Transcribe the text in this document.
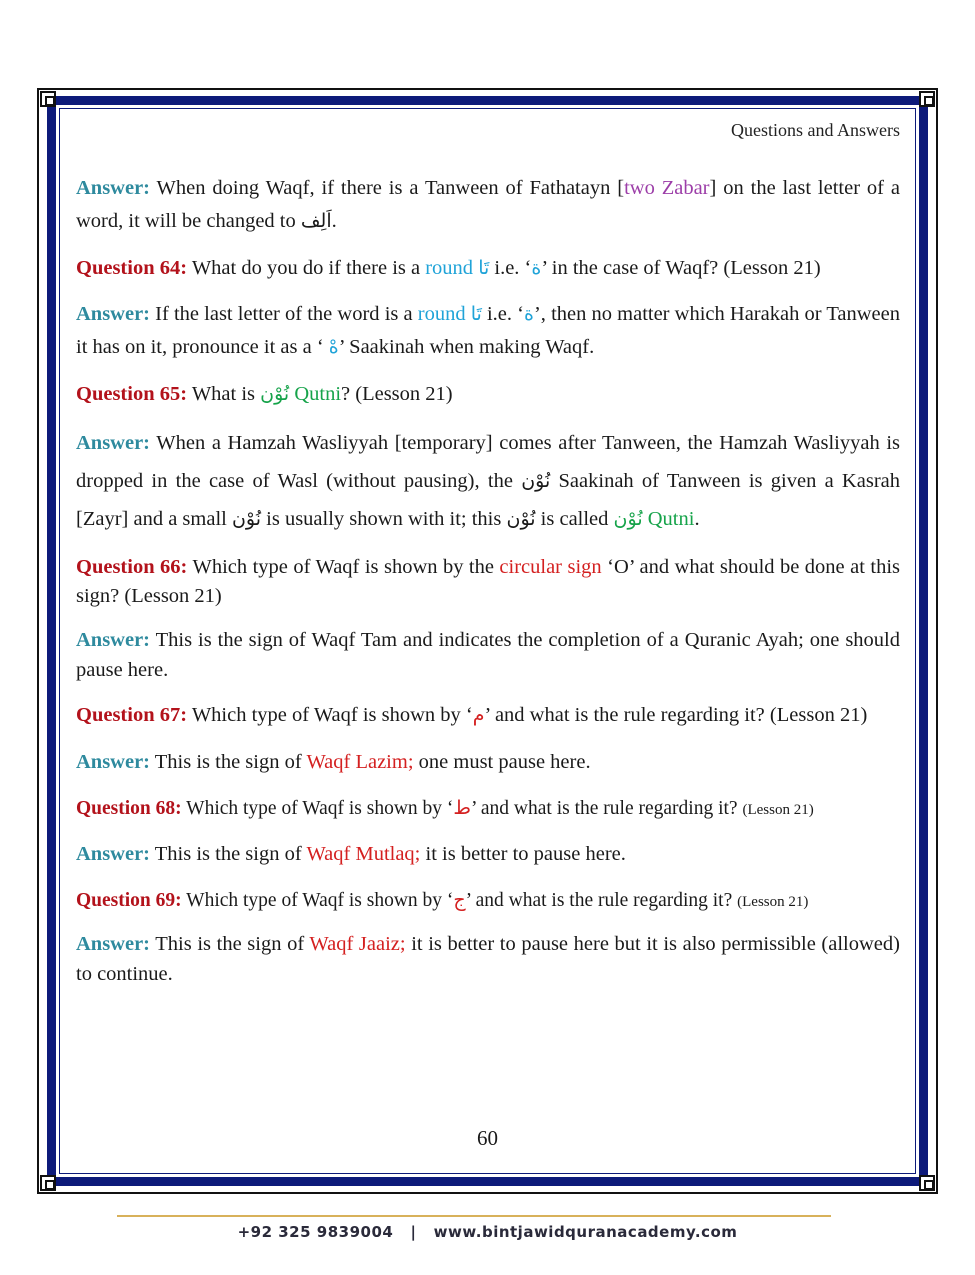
Questions and Answers

Answer: When doing Waqf, if there is a Tanween of Fathatayn [two Zabar] on the last letter of a word, it will be changed to اَلِف.

Question 64: What do you do if there is a round تَا i.e. ‘ة’ in the case of Waqf? (Lesson 21)

Answer: If the last letter of the word is a round تَا i.e. ‘ة’, then no matter which Harakah or Tanween it has on it, pronounce it as a ‘ هْ’ Saakinah when making Waqf.

Question 65: What is نُوْن Qutni? (Lesson 21)

Answer: When a Hamzah Wasliyyah [temporary] comes after Tanween, the Hamzah Wasliyyah is dropped in the case of Wasl (without pausing), the نُوْن Saakinah of Tanween is given a Kasrah [Zayr] and a small نُوْن is usually shown with it; this نُوْن is called نُوْن Qutni.

Question 66: Which type of Waqf is shown by the circular sign ‘O’ and what should be done at this sign? (Lesson 21)

Answer: This is the sign of Waqf Tam and indicates the completion of a Quranic Ayah; one should pause here.

Question 67: Which type of Waqf is shown by ‘م’ and what is the rule regarding it? (Lesson 21)

Answer: This is the sign of Waqf Lazim; one must pause here.

Question 68: Which type of Waqf is shown by ‘ط’ and what is the rule regarding it? (Lesson 21)

Answer: This is the sign of Waqf Mutlaq; it is better to pause here.

Question 69: Which type of Waqf is shown by ‘ج’ and what is the rule regarding it? (Lesson 21)

Answer: This is the sign of Waqf Jaaiz; it is better to pause here but it is also permissible (allowed) to continue.

60
+92 325 9839004   |   www.bintjawidquranacademy.com
